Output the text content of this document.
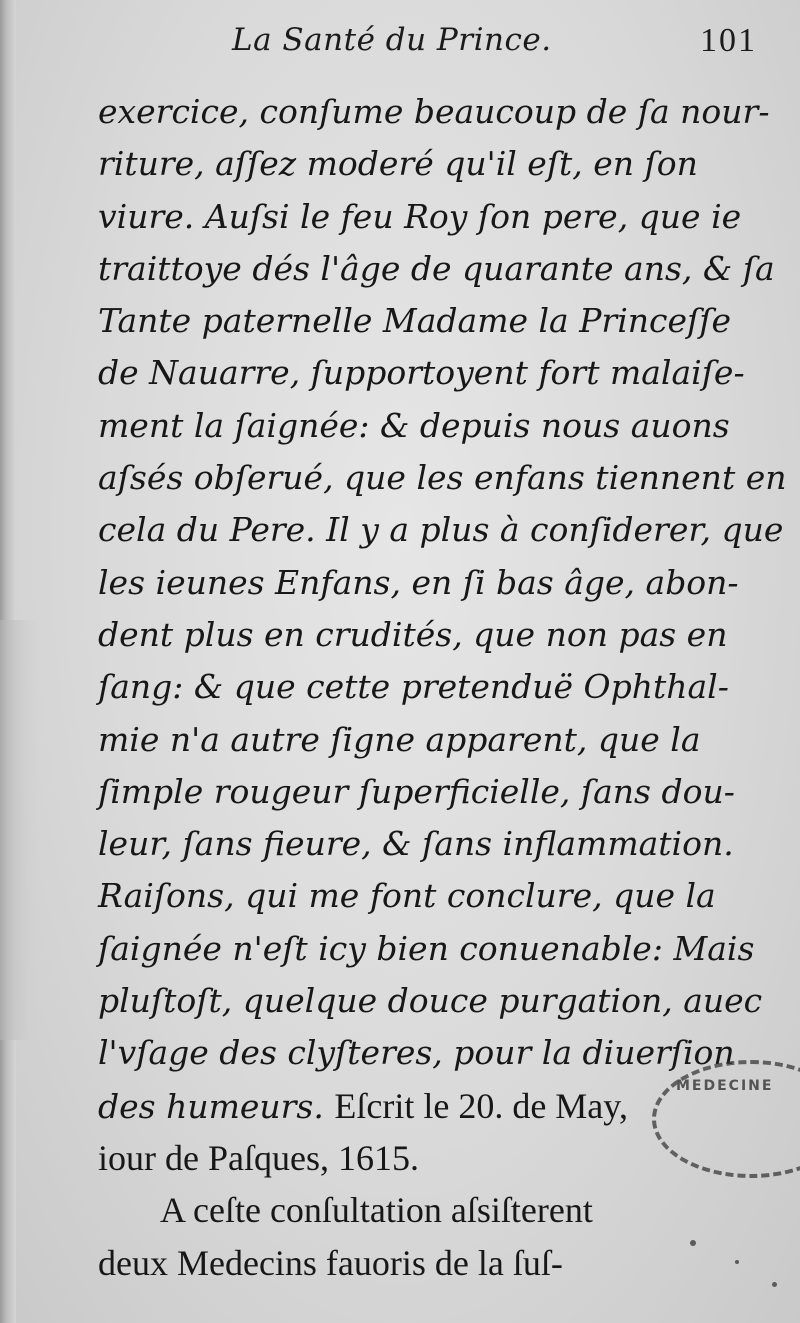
La Santé du Prince.	101
exercice, conſume beaucoup de ſa nour-
riture, aſſez moderé qu'il eſt, en ſon
viure. Auſsi le feu Roy ſon pere, que ie
traittoye dés l'âge de quarante ans, & ſa
Tante paternelle Madame la Princeſſe
de Nauarre, ſupportoyent fort malaiſe-
ment la ſaignée: & depuis nous auons
aſsés obſerué, que les enfans tiennent en
cela du Pere. Il y a plus à conſiderer, que
les ieunes Enfans, en ſi bas âge, abon-
dent plus en crudités, que non pas en
ſang: & que cette pretenduë Ophthal-
mie n'a autre ſigne apparent, que la
ſimple rougeur ſuperficielle, ſans dou-
leur, ſans fieure, & ſans inflammation.
Raiſons, qui me font conclure, que la
ſaignée n'eſt icy bien conuenable: Mais
pluſtoſt, quelque douce purgation, auec
l'vſage des clyſteres, pour la diuerſion
des humeurs. Eſcrit le 20. de May,
iour de Paſques, 1615.
A ceſte conſultation aſsiſterent
deux Medecins fauoris de la ſuſ-
MEDECINE
